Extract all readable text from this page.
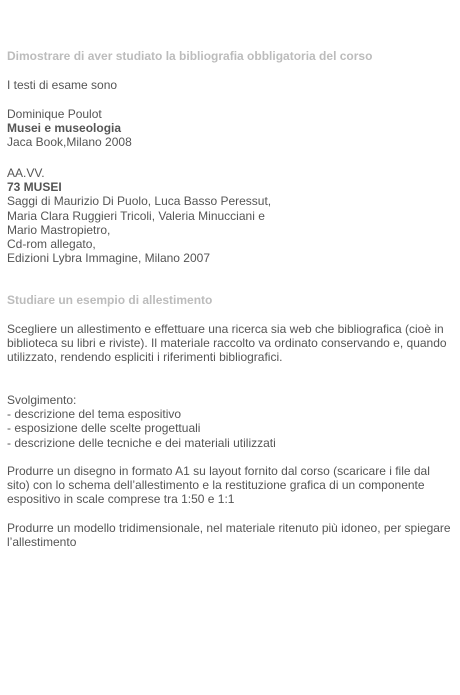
Dimostrare di aver studiato la bibliografia obbligatoria del corso
I testi di esame sono
Dominique Poulot
Musei e museologia
Jaca Book,Milano 2008
AA.VV.
73 MUSEI
Saggi di Maurizio Di Puolo, Luca Basso Peressut,
Maria Clara Ruggieri Tricoli, Valeria Minucciani e
Mario Mastropietro,
Cd-rom allegato,
Edizioni Lybra Immagine, Milano 2007
Studiare un esempio di allestimento
Scegliere un allestimento e effettuare una ricerca sia web che bibliografica (cioè in biblioteca su libri e riviste). Il materiale raccolto va ordinato conservando e, quando utilizzato, rendendo espliciti i riferimenti bibliografici.
Svolgimento:
- descrizione del tema espositivo
- esposizione delle scelte progettuali
- descrizione delle tecniche e dei materiali utilizzati
Produrre un disegno in formato A1 su layout fornito dal corso (scaricare i file dal sito) con lo schema dell’allestimento e la restituzione grafica di un componente espositivo in scale comprese tra 1:50 e 1:1
Produrre un modello tridimensionale, nel materiale ritenuto più idoneo, per spiegare l’allestimento
